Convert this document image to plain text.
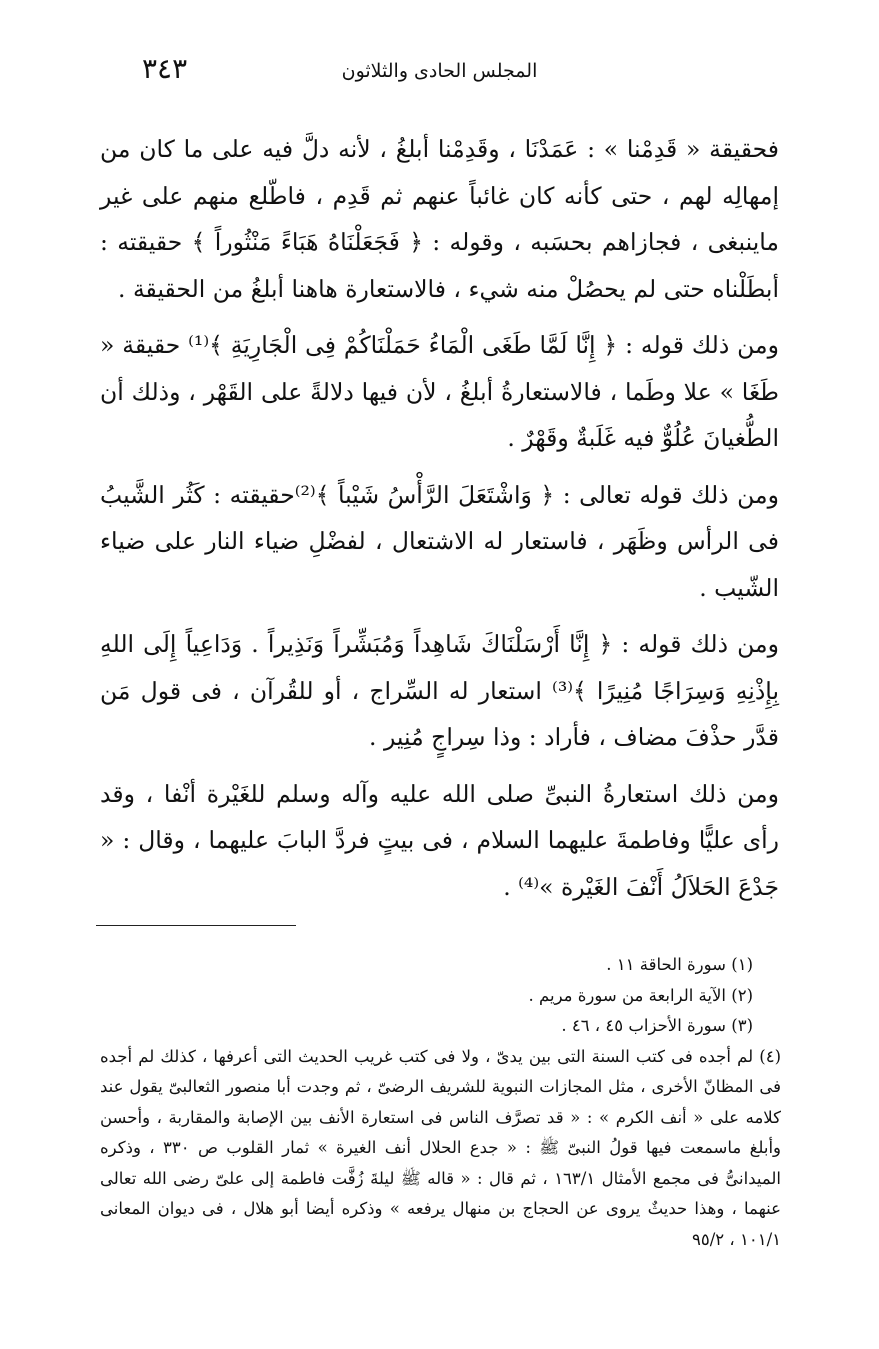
٣٤٣	المجلس الحادى والثلاثون

فحقيقة « قَدِمْنا » : عَمَدْنَا ، وقَدِمْنا أبلغُ ، لأنه دلَّ فيه على ما كان من إمهالِه لهم ، حتى كأنه كان غائباً عنهم ثم قَدِم ، فاطّلع منهم على غير ماينبغى ، فجازاهم بحسَبه ، وقوله : ﴿ فَجَعَلْنَاهُ هَبَاءً مَنْثُوراً ﴾ حقيقته : أبطَلْناه حتى لم يحصُلْ منه شيء ، فالاستعارة هاهنا أبلغُ من الحقيقة .

ومن ذلك قوله : ﴿ إِنَّا لَمَّا طَغَى الْمَاءُ حَمَلْنَاكُمْ فِى الْجَارِيَةِ ﴾⁽¹⁾ حقيقة « طَغَا » علا وطَما ، فالاستعارةُ أبلغُ ، لأن فيها دلالةً على القَهْر ، وذلك أن الطُّغيانَ عُلُوٌّ فيه غَلَبةٌ وقَهْرٌ .

ومن ذلك قوله تعالى : ﴿ وَاشْتَعَلَ الرَّأْسُ شَيْباً ﴾⁽²⁾حقيقته : كَثُر الشَّيبُ فى الرأس وظَهَر ، فاستعار له الاشتعال ، لفضْلِ ضياء النار على ضياء الشّيب .

ومن ذلك قوله : ﴿ إِنَّا أَرْسَلْنَاكَ شَاهِداً وَمُبَشِّراً وَنَذِيراً . وَدَاعِياً إِلَى اللهِ بِإِذْنِهِ وَسِرَاجًا مُنِيرًا ﴾⁽³⁾ استعار له السِّراج ، أو للقُرآن ، فى قول مَن قدَّر حذْفَ مضاف ، فأراد : وذا سِراجٍ مُنِير .

ومن ذلك استعارةُ النبىِّ صلى الله عليه وآله وسلم للغَيْرة أنْفا ، وقد رأى عليًّا وفاطمةَ عليهما السلام ، فى بيتٍ فردَّ البابَ عليهما ، وقال : « جَدْعَ الحَلاَلُ أَنْفَ الغَيْرة »⁽⁴⁾ .

(١) سورة الحاقة ١١ .

(٢) الآية الرابعة من سورة مريم .

(٣) سورة الأحزاب ٤٥ ، ٤٦ .

(٤) لم أجده فى كتب السنة التى بين يدىّ ، ولا فى كتب غريب الحديث التى أعرفها ، كذلك لم أجده فى المظانّ الأخرى ، مثل المجازات النبوية للشريف الرضىّ ، ثم وجدت أبا منصور الثعالبىّ يقول عند كلامه على « أنف الكرم » : « قد تصرَّف الناس فى استعارة الأنف بين الإصابة والمقاربة ، وأحسن وأبلغ ماسمعت فيها قولُ النبىّ ﷺ : « جدع الحلال أنف الغيرة » ثمار القلوب ص ٣٣٠ ، وذكره الميدانىُّ فى مجمع الأمثال ١٦٣/١ ، ثم قال : « قاله ﷺ ليلةَ زُفَّت فاطمة إلى علىّ رضى الله تعالى عنهما ، وهذا حديثٌ يروى عن الحجاج بن منهال يرفعه » وذكره أيضا أبو هلال ، فى ديوان المعانى ١٠١/١ ، ٩٥/٢
